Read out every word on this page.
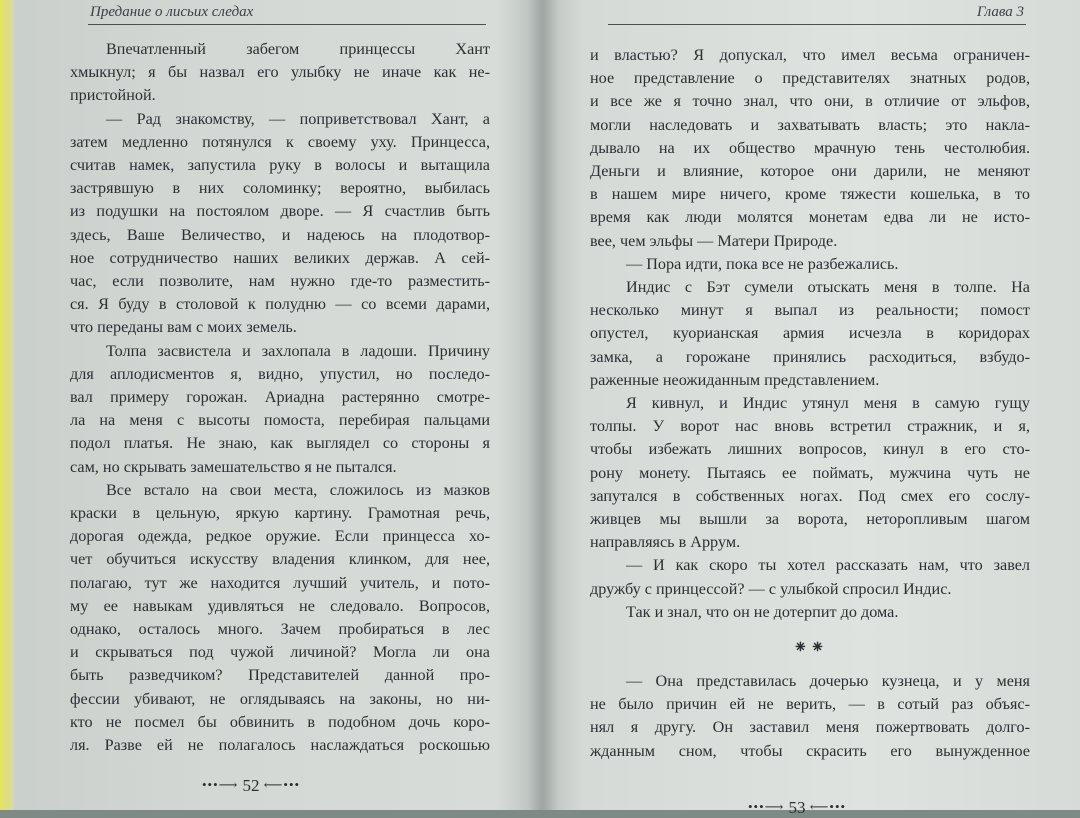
Предание о лисьих следах
Впечатленный забегом принцессы Хант
хмыкнул; я бы назвал его улыбку не иначе как не-
пристойной.
— Рад знакомству, — поприветствовал Хант, а
затем медленно потянулся к своему уху. Принцесса,
считав намек, запустила руку в волосы и вытащила
застрявшую в них соломинку; вероятно, выбилась
из подушки на постоялом дворе. — Я счастлив быть
здесь, Ваше Величество, и надеюсь на плодотвор-
ное сотрудничество наших великих держав. А сей-
час, если позволите, нам нужно где-то разместить-
ся. Я буду в столовой к полудню — со всеми дарами,
что переданы вам с моих земель.
Толпа засвистела и захлопала в ладоши. Причину
для аплодисментов я, видно, упустил, но последо-
вал примеру горожан. Ариадна растерянно смотре-
ла на меня с высоты помоста, перебирая пальцами
подол платья. Не знаю, как выглядел со стороны я
сам, но скрывать замешательство я не пытался.
Все встало на свои места, сложилось из мазков
краски в цельную, яркую картину. Грамотная речь,
дорогая одежда, редкое оружие. Если принцесса хо-
чет обучиться искусству владения клинком, для нее,
полагаю, тут же находится лучший учитель, и пото-
му ее навыкам удивляться не следовало. Вопросов,
однако, осталось много. Зачем пробираться в лес
и скрываться под чужой личиной? Могла ли она
быть разведчиком? Представителей данной про-
фессии убивают, не оглядываясь на законы, но ни-
кто не посмел бы обвинить в подобном дочь коро-
ля. Разве ей не полагалось наслаждаться роскошью
•••⟶ 52 ⟵•••
Глава 3
и властью? Я допускал, что имел весьма ограничен-
ное представление о представителях знатных родов,
и все же я точно знал, что они, в отличие от эльфов,
могли наследовать и захватывать власть; это накла-
дывало на их общество мрачную тень честолюбия.
Деньги и влияние, которое они дарили, не меняют
в нашем мире ничего, кроме тяжести кошелька, в то
время как люди молятся монетам едва ли не исто-
вее, чем эльфы — Матери Природе.
— Пора идти, пока все не разбежались.
Индис с Бэт сумели отыскать меня в толпе. На
несколько минут я выпал из реальности; помост
опустел, куорианская армия исчезла в коридорах
замка, а горожане принялись расходиться, взбудо-
раженные неожиданным представлением.
Я кивнул, и Индис утянул меня в самую гущу
толпы. У ворот нас вновь встретил стражник, и я,
чтобы избежать лишних вопросов, кинул в его сто-
рону монету. Пытаясь ее поймать, мужчина чуть не
запутался в собственных ногах. Под смех его сослу-
живцев мы вышли за ворота, неторопливым шагом
направляясь в Аррум.
— И как скоро ты хотел рассказать нам, что завел
дружбу с принцессой? — с улыбкой спросил Индис.
Так и знал, что он не дотерпит до дома.
⁕⁕
— Она представилась дочерью кузнеца, и у меня
не было причин ей не верить, — в сотый раз объяс-
нял я другу. Он заставил меня пожертвовать долго-
жданным сном, чтобы скрасить его вынужденное
•••⟶ 53 ⟵•••
